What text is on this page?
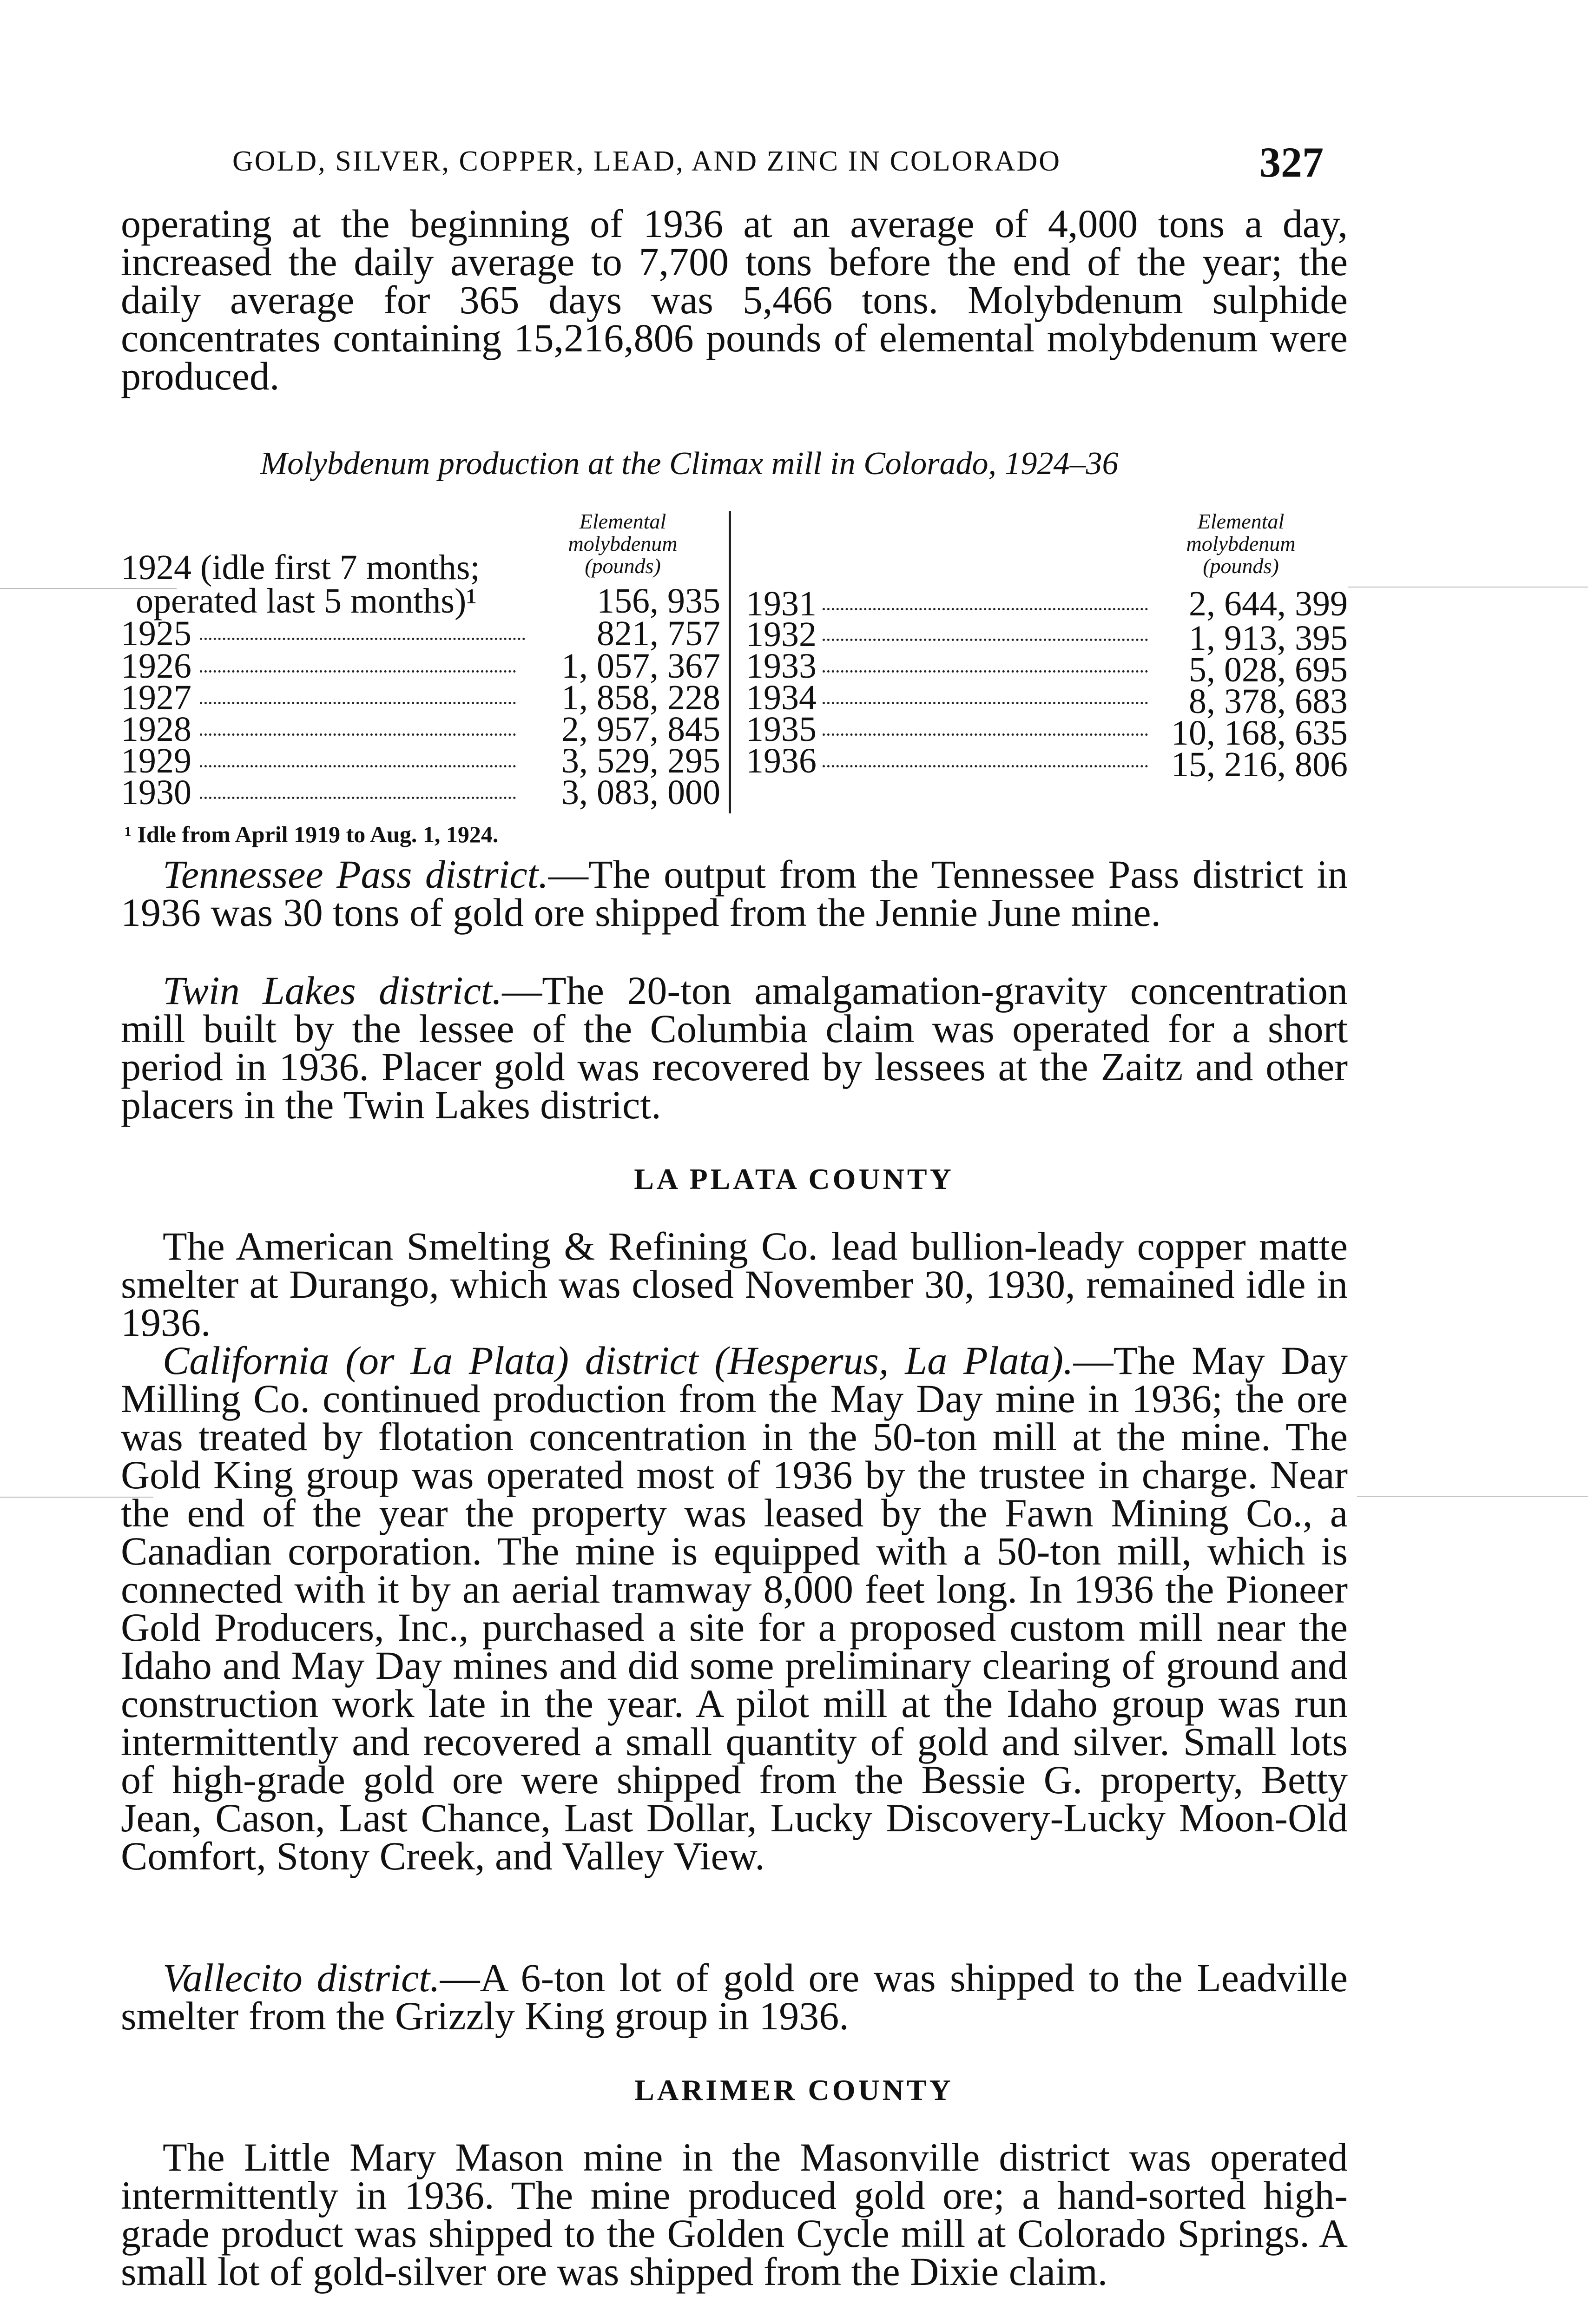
GOLD, SILVER, COPPER, LEAD, AND ZINC IN COLORADO	327
operating at the beginning of 1936 at an average of 4,000 tons a day, increased the daily average to 7,700 tons before the end of the year; the daily average for 365 days was 5,466 tons. Molybdenum sulphide concentrates containing 15,216,806 pounds of elemental molybdenum were produced.
Molybdenum production at the Climax mill in Colorado, 1924–36
Elemental
molybdenum
(pounds)
Elemental
molybdenum
(pounds)
1924 (idle first 7 months;
operated last 5 months)¹	156, 935
1925	821, 757
1926	1, 057, 367
1927	1, 858, 228
1928	2, 957, 845
1929	3, 529, 295
1930	3, 083, 000
1931	2, 644, 399
1932	1, 913, 395
1933	5, 028, 695
1934	8, 378, 683
1935	10, 168, 635
1936	15, 216, 806
¹ Idle from April 1919 to Aug. 1, 1924.
Tennessee Pass district.—The output from the Tennessee Pass district in 1936 was 30 tons of gold ore shipped from the Jennie June mine.
Twin Lakes district.—The 20-ton amalgamation-gravity concentration mill built by the lessee of the Columbia claim was operated for a short period in 1936. Placer gold was recovered by lessees at the Zaitz and other placers in the Twin Lakes district.
LA PLATA COUNTY
The American Smelting & Refining Co. lead bullion-leady copper matte smelter at Durango, which was closed November 30, 1930, remained idle in 1936.
California (or La Plata) district (Hesperus, La Plata).—The May Day Milling Co. continued production from the May Day mine in 1936; the ore was treated by flotation concentration in the 50-ton mill at the mine. The Gold King group was operated most of 1936 by the trustee in charge. Near the end of the year the property was leased by the Fawn Mining Co., a Canadian corporation. The mine is equipped with a 50-ton mill, which is connected with it by an aerial tramway 8,000 feet long. In 1936 the Pioneer Gold Producers, Inc., purchased a site for a proposed custom mill near the Idaho and May Day mines and did some preliminary clearing of ground and construction work late in the year. A pilot mill at the Idaho group was run intermittently and recovered a small quantity of gold and silver. Small lots of high-grade gold ore were shipped from the Bessie G. property, Betty Jean, Cason, Last Chance, Last Dollar, Lucky Discovery-Lucky Moon-Old Comfort, Stony Creek, and Valley View.
Vallecito district.—A 6-ton lot of gold ore was shipped to the Leadville smelter from the Grizzly King group in 1936.
LARIMER COUNTY
The Little Mary Mason mine in the Masonville district was operated intermittently in 1936. The mine produced gold ore; a hand-sorted high-grade product was shipped to the Golden Cycle mill at Colorado Springs. A small lot of gold-silver ore was shipped from the Dixie claim.
